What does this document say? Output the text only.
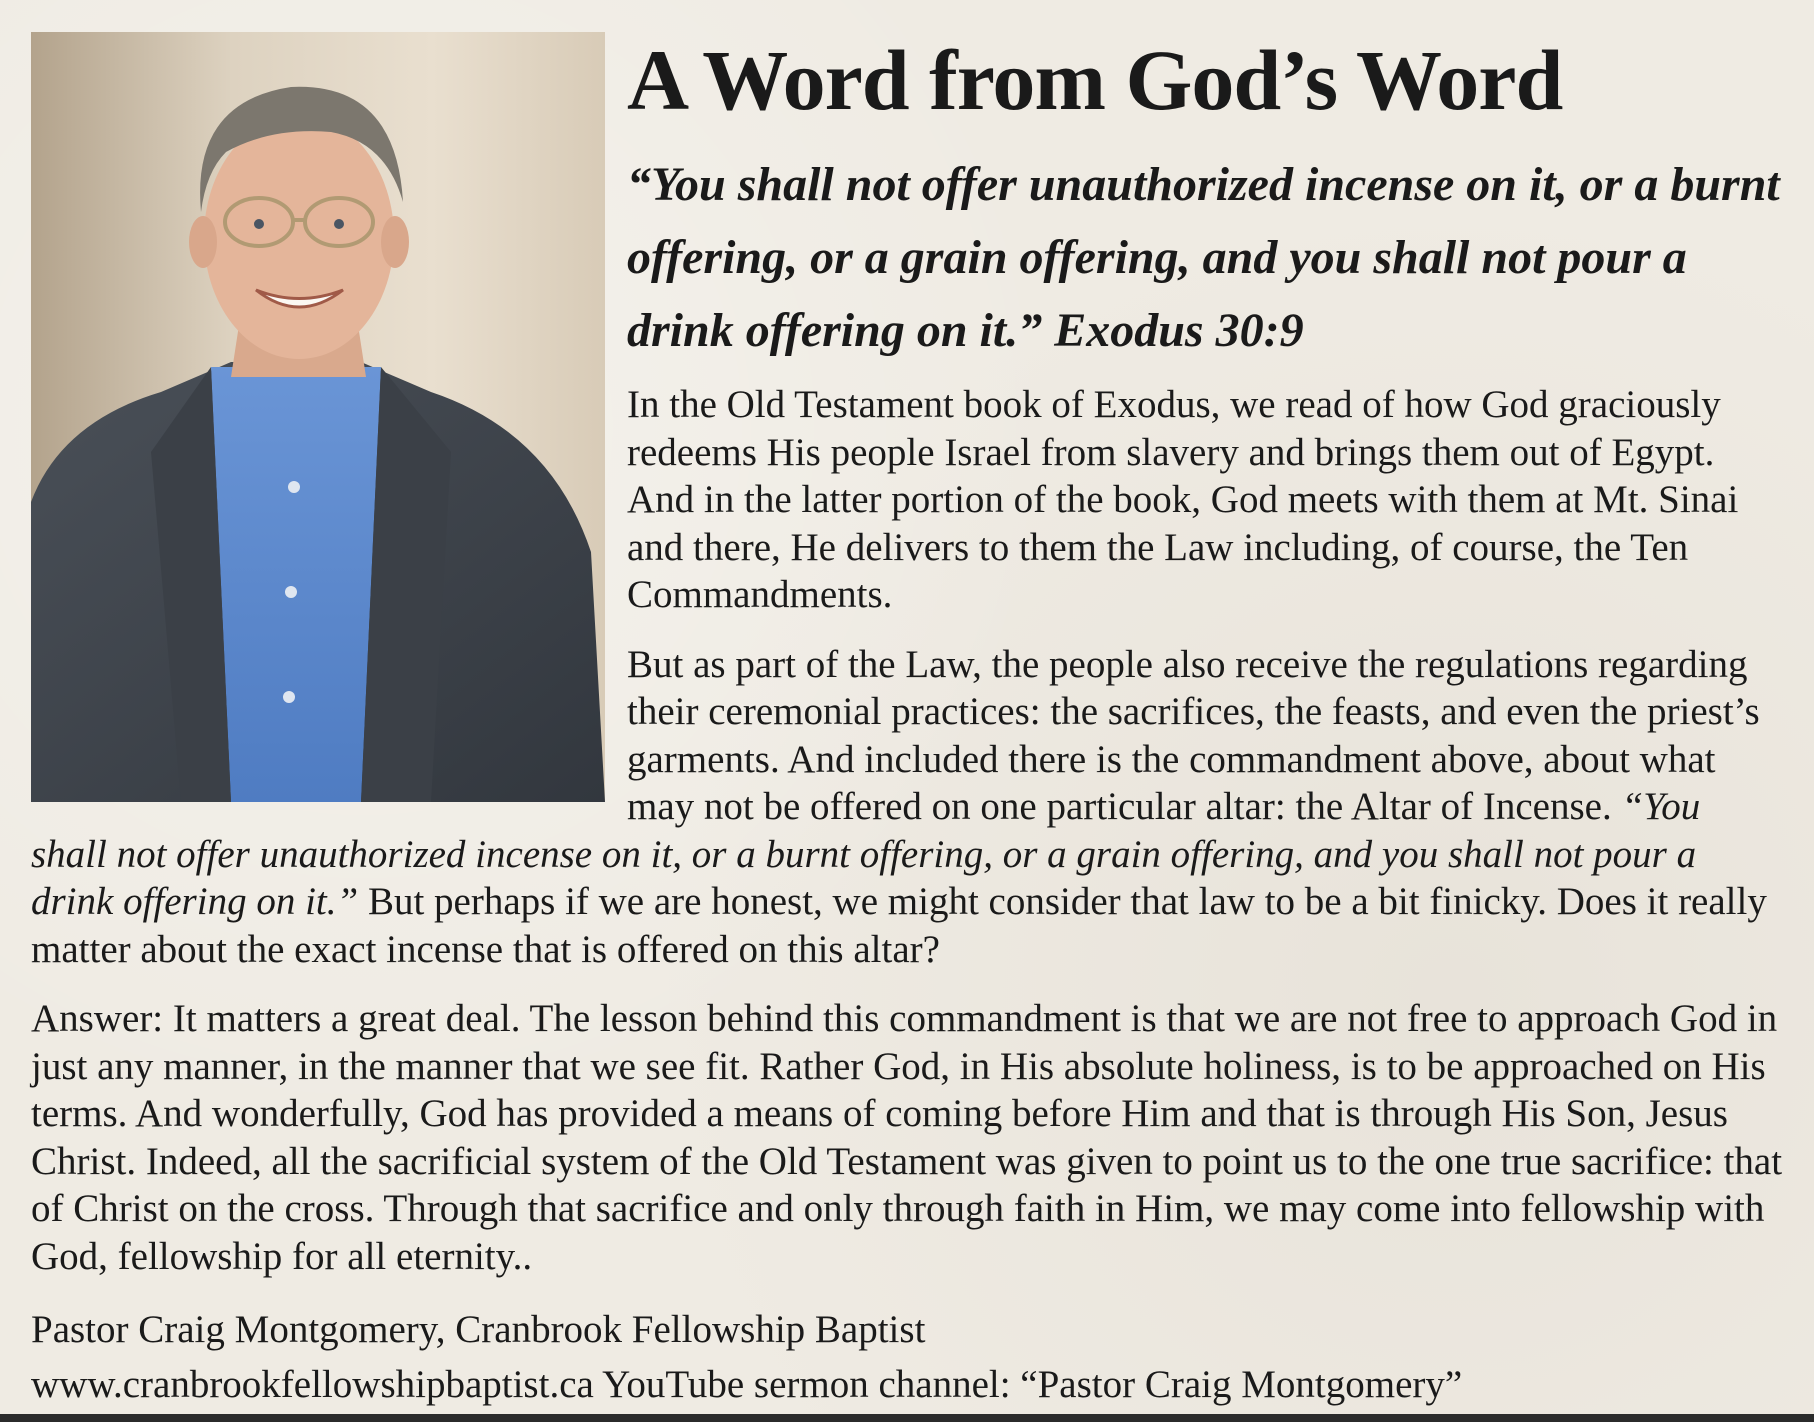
A Word from God’s Word
“You shall not offer unauthorized incense on it, or a burnt offering, or a grain offering, and you shall not pour a drink offering on it.” Exodus 30:9

In the Old Testament book of Exodus, we read of how God graciously redeems His people Israel from slavery and brings them out of Egypt. And in the latter portion of the book, God meets with them at Mt. Sinai and there, He delivers to them the Law including, of course, the Ten Commandments.

But as part of the Law, the people also receive the regulations regarding their ceremonial practices: the sacrifices, the feasts, and even the priest’s garments. And included there is the commandment above, about what may not be offered on one particular altar: the Altar of Incense. “You shall not offer unauthorized incense on it, or a burnt offering, or a grain offering, and you shall not pour a drink offering on it.” But perhaps if we are honest, we might consider that law to be a bit finicky. Does it really matter about the exact incense that is offered on this altar?

Answer: It matters a great deal. The lesson behind this commandment is that we are not free to approach God in just any manner, in the manner that we see fit. Rather God, in His absolute holiness, is to be approached on His terms. And wonderfully, God has provided a means of coming before Him and that is through His Son, Jesus Christ. Indeed, all the sacrificial system of the Old Testament was given to point us to the one true sacrifice: that of Christ on the cross. Through that sacrifice and only through faith in Him, we may come into fellowship with God, fellowship for all eternity..

Pastor Craig Montgomery, Cranbrook Fellowship Baptist

www.cranbrookfellowshipbaptist.ca YouTube sermon channel: “Pastor Craig Montgomery”
